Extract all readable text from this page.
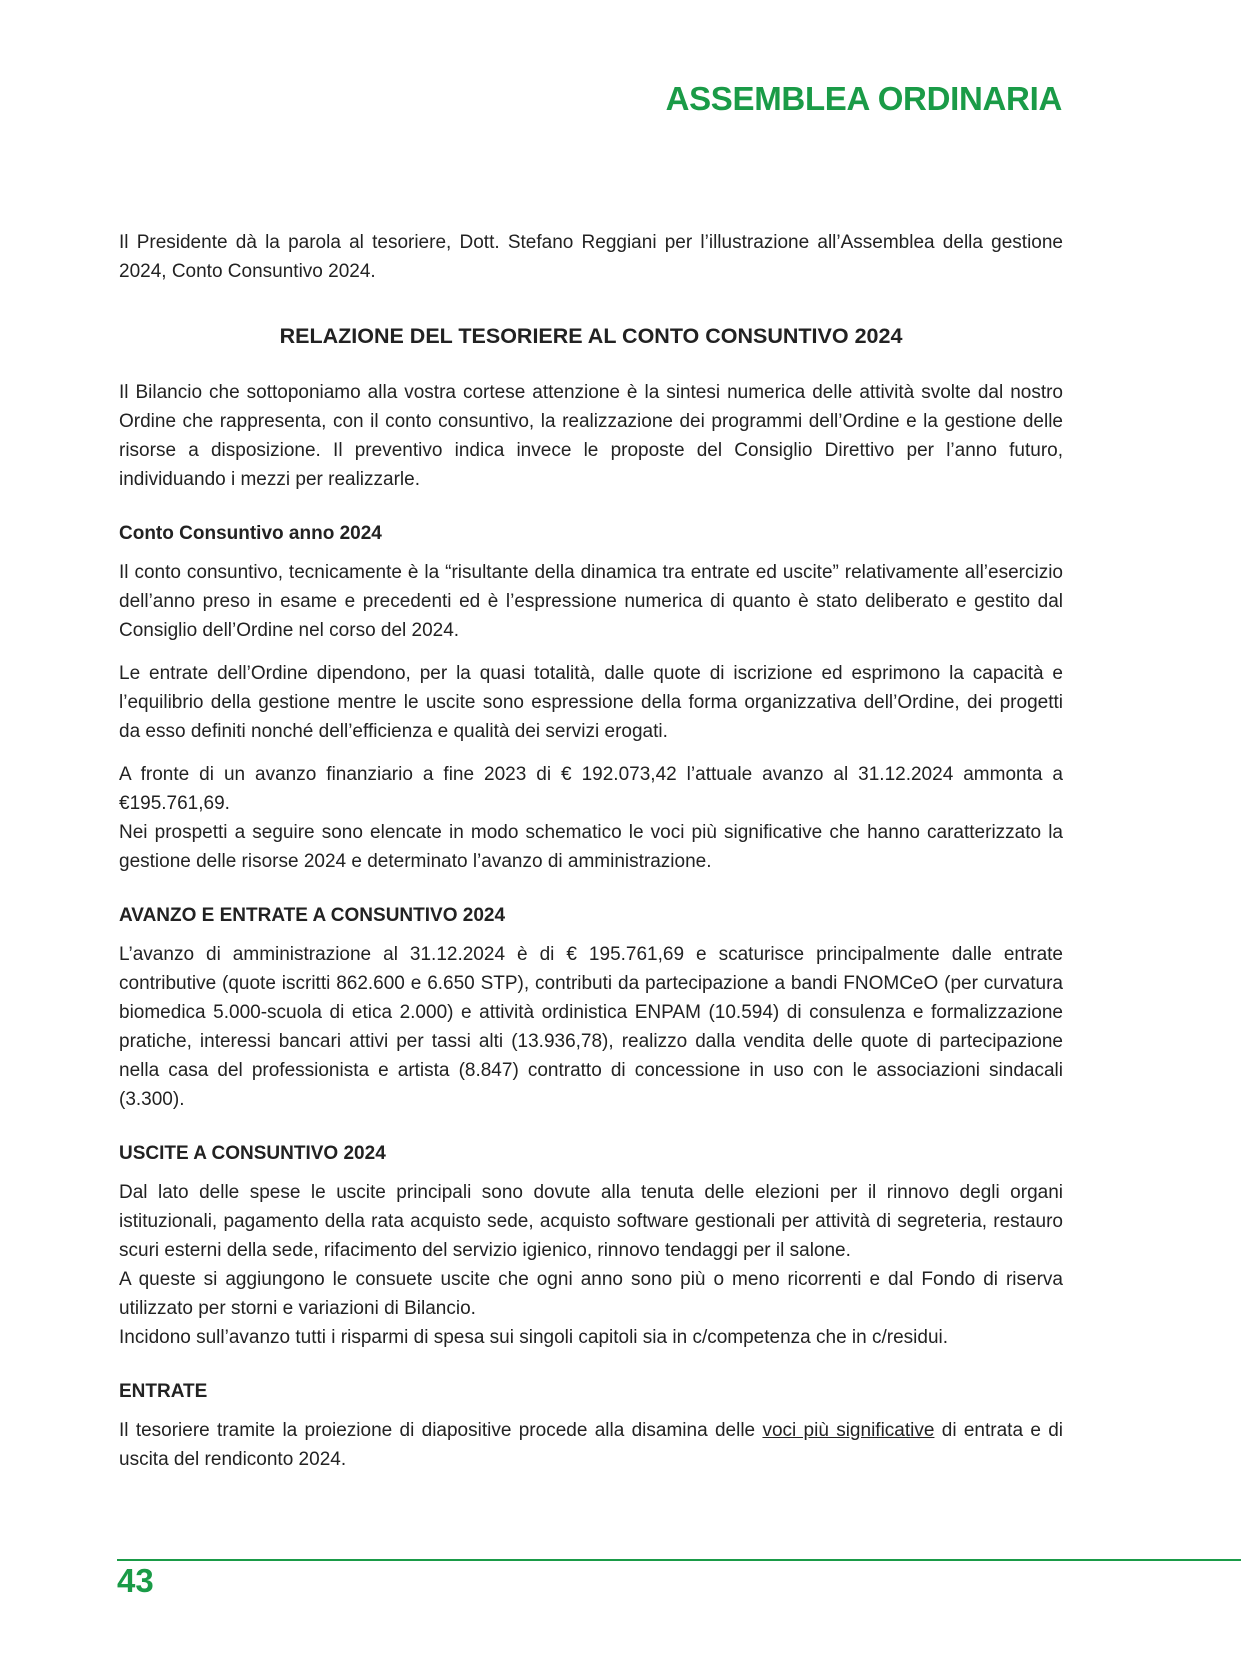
ASSEMBLEA ORDINARIA

Il Presidente dà la parola al tesoriere, Dott. Stefano Reggiani per l’illustrazione all’Assemblea della gestione 2024, Conto Consuntivo 2024.

RELAZIONE DEL TESORIERE AL CONTO CONSUNTIVO 2024

Il Bilancio che sottoponiamo alla vostra cortese attenzione è la sintesi numerica delle attività svolte dal nostro Ordine che rappresenta, con il conto consuntivo, la realizzazione dei programmi dell’Ordine e la gestione delle risorse a disposizione. Il preventivo indica invece le proposte del Consiglio Direttivo per l’anno futuro, individuando i mezzi per realizzarle.

Conto Consuntivo anno 2024

Il conto consuntivo, tecnicamente è la “risultante della dinamica tra entrate ed uscite” relativamente all’esercizio dell’anno preso in esame e precedenti ed è l’espressione numerica di quanto è stato deliberato e gestito dal Consiglio dell’Ordine nel corso del 2024.

Le entrate dell’Ordine dipendono, per la quasi totalità, dalle quote di iscrizione ed esprimono la capacità e l’equilibrio della gestione mentre le uscite sono espressione della forma organizzativa dell’Ordine, dei progetti da esso definiti nonché dell’efficienza e qualità dei servizi erogati.

A fronte di un avanzo finanziario a fine 2023 di € 192.073,42 l’attuale avanzo al 31.12.2024 ammonta a €195.761,69.

Nei prospetti a seguire sono elencate in modo schematico le voci più significative che hanno caratterizzato la gestione delle risorse 2024 e determinato l’avanzo di amministrazione.

AVANZO E ENTRATE A CONSUNTIVO 2024

L’avanzo di amministrazione al 31.12.2024 è di € 195.761,69 e scaturisce principalmente dalle entrate contributive (quote iscritti 862.600 e 6.650 STP), contributi da partecipazione a bandi FNOMCeO (per curvatura biomedica 5.000-scuola di etica 2.000) e attività ordinistica ENPAM (10.594) di consulenza e formalizzazione pratiche, interessi bancari attivi per tassi alti (13.936,78), realizzo dalla vendita delle quote di partecipazione nella casa del professionista e artista (8.847) contratto di concessione in uso con le associazioni sindacali (3.300).

USCITE A CONSUNTIVO 2024

Dal lato delle spese le uscite principali sono dovute alla tenuta delle elezioni per il rinnovo degli organi istituzionali, pagamento della rata acquisto sede, acquisto software gestionali per attività di segreteria, restauro scuri esterni della sede, rifacimento del servizio igienico, rinnovo tendaggi per il salone.

A queste si aggiungono le consuete uscite che ogni anno sono più o meno ricorrenti e dal Fondo di riserva utilizzato per storni e variazioni di Bilancio.

Incidono sull’avanzo tutti i risparmi di spesa sui singoli capitoli sia in c/competenza che in c/residui.

ENTRATE

Il tesoriere tramite la proiezione di diapositive procede alla disamina delle voci più significative di entrata e di uscita del rendiconto 2024.

43
